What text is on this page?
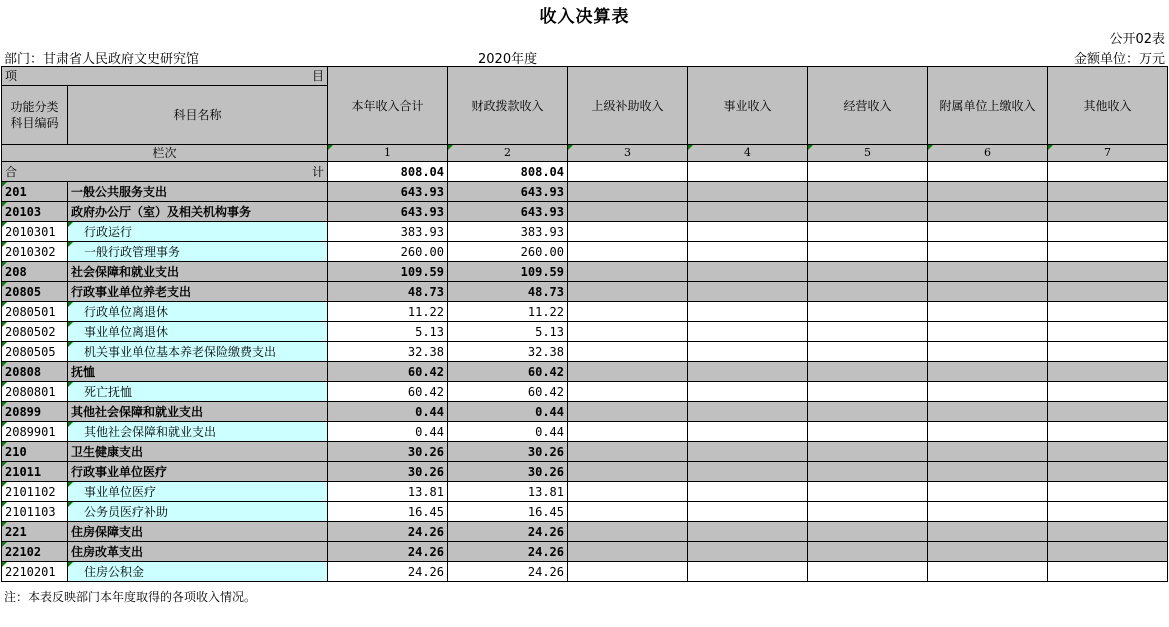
收入决算表
公开02表
部门：甘肃省人民政府文史研究馆	2020年度	金额单位：万元
项 目		本年收入合计	财政拨款收入	上级补助收入	事业收入	经营收入	附属单位上缴收入	其他收入
功能分类
科目编码	科目名称							
栏次		1	2	3	4	5	6	7

合 计		808.04	808.04					
201	一般公共服务支出	643.93	643.93					
20103	政府办公厅（室）及相关机构事务	643.93	643.93					
2010301	行政运行	383.93	383.93					
2010302	一般行政管理事务	260.00	260.00					
208	社会保障和就业支出	109.59	109.59					
20805	行政事业单位养老支出	48.73	48.73					
2080501	行政单位离退休	11.22	11.22					
2080502	事业单位离退休	5.13	5.13					
2080505	机关事业单位基本养老保险缴费支出	32.38	32.38					
20808	抚恤	60.42	60.42					
2080801	死亡抚恤	60.42	60.42					
20899	其他社会保障和就业支出	0.44	0.44					
2089901	其他社会保障和就业支出	0.44	0.44					
210	卫生健康支出	30.26	30.26					
21011	行政事业单位医疗	30.26	30.26					
2101102	事业单位医疗	13.81	13.81					
2101103	公务员医疗补助	16.45	16.45					
221	住房保障支出	24.26	24.26					
22102	住房改革支出	24.26	24.26					
2210201	住房公积金	24.26	24.26					
注：本表反映部门本年度取得的各项收入情况。
